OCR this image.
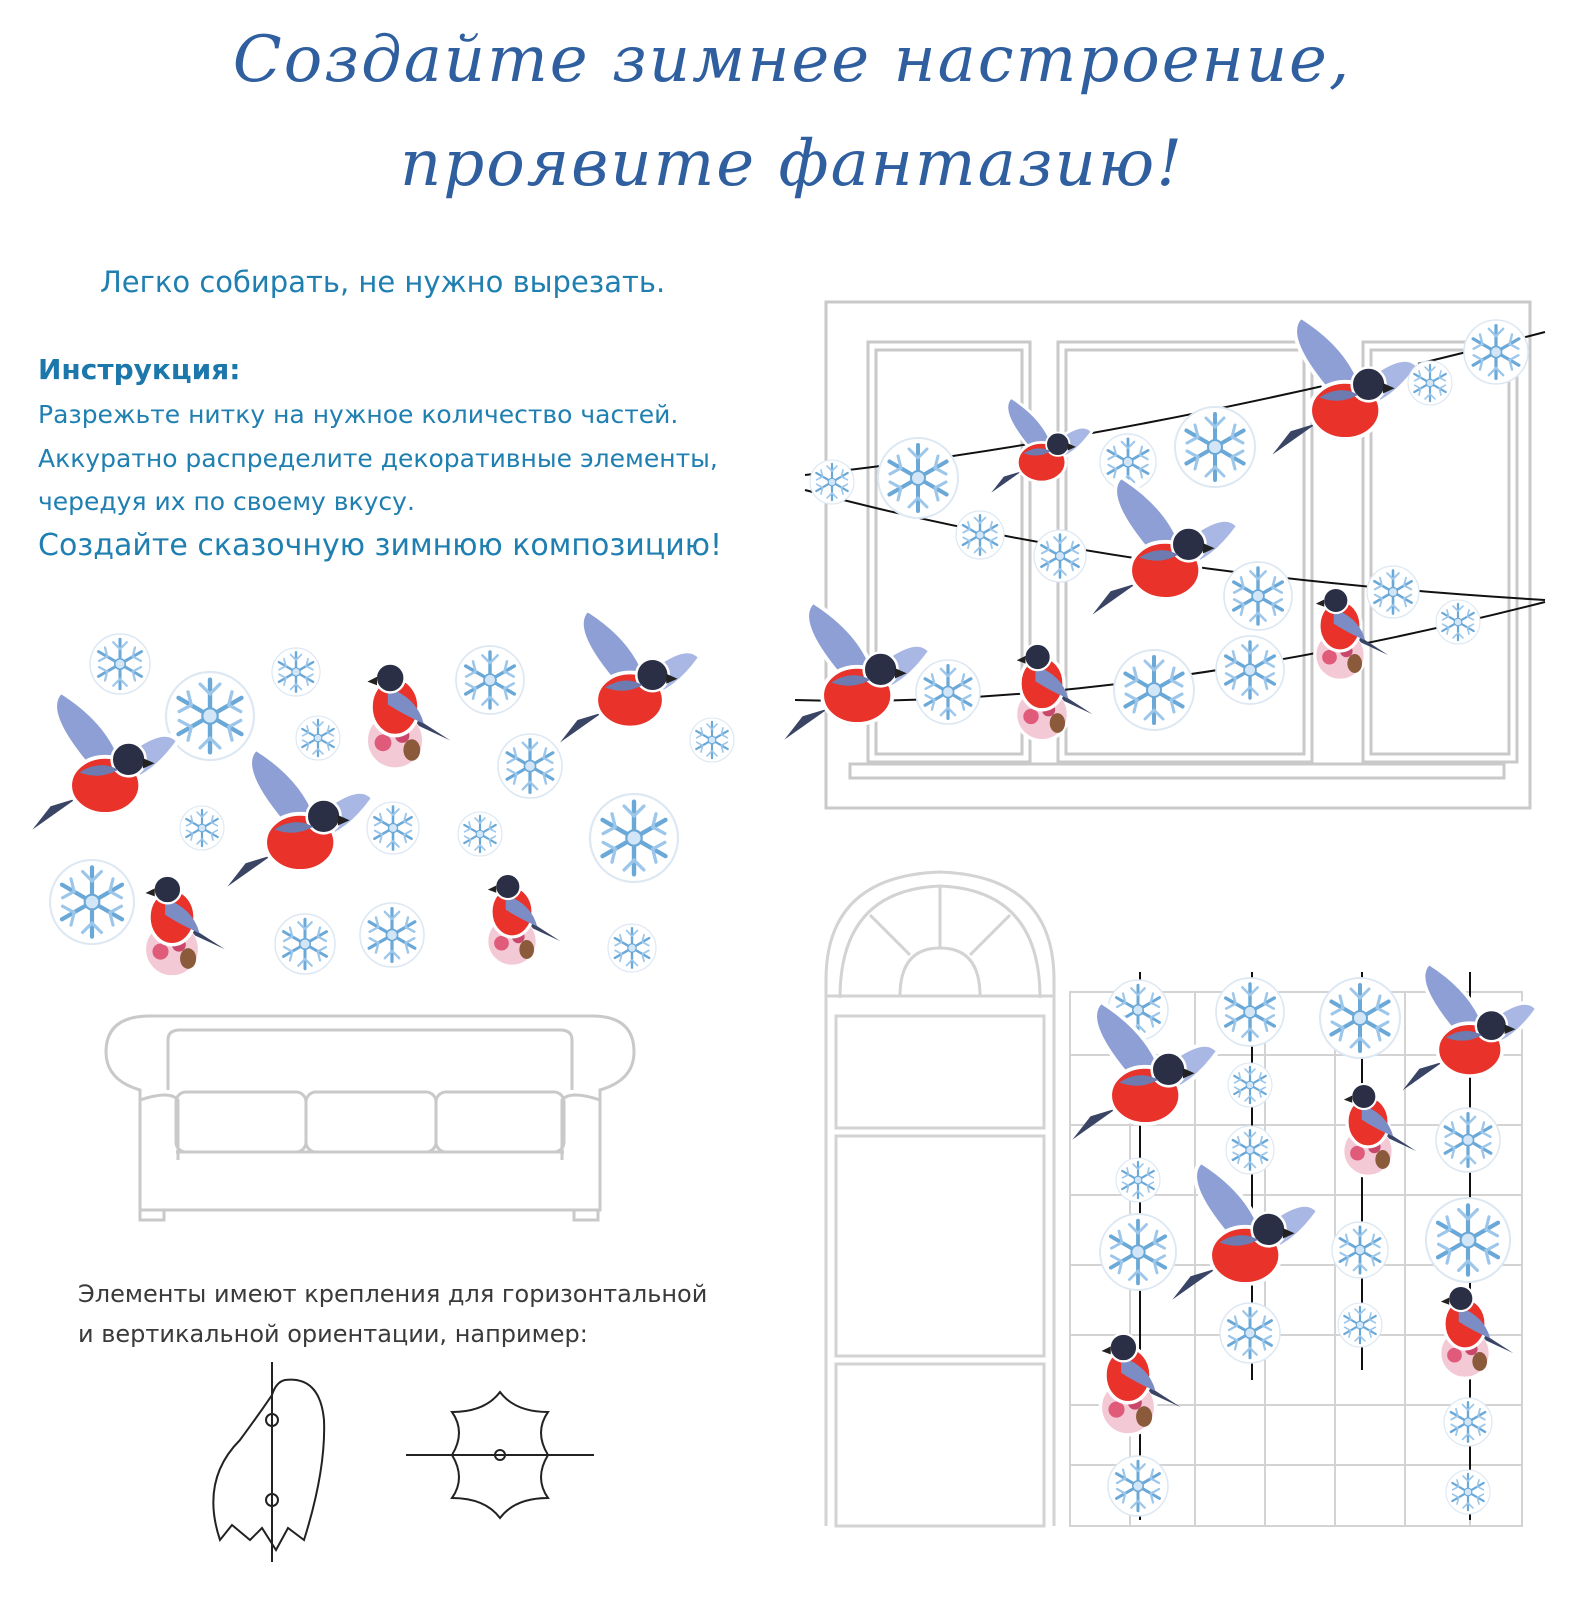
Создайте зимнее настроение,
проявите фантазию!
Легко собирать, не нужно вырезать.
Инструкция:
Разрежьте нитку на нужное количество частей.
Аккуратно распределите декоративные элементы,
чередуя их по своему вкусу.
Создайте сказочную зимнюю композицию!
Элементы имеют крепления для горизонтальной
и вертикальной ориентации, например:
